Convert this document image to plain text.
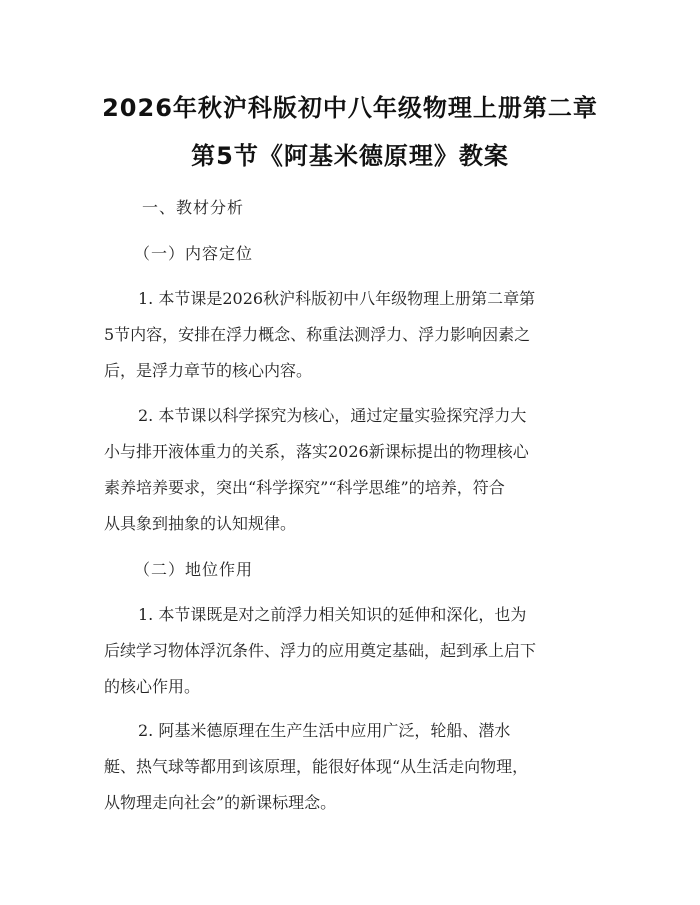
2026年秋沪科版初中八年级物理上册第二章
第5节《阿基米德原理》教案
一、教材分析
（一）内容定位
1. 本节课是2026秋沪科版初中八年级物理上册第二章第
5节内容，安排在浮力概念、称重法测浮力、浮力影响因素之
后，是浮力章节的核心内容。
2. 本节课以科学探究为核心，通过定量实验探究浮力大
小与排开液体重力的关系，落实2026新课标提出的物理核心
素养培养要求，突出“科学探究”“科学思维”的培养，符合
从具象到抽象的认知规律。
（二）地位作用
1. 本节课既是对之前浮力相关知识的延伸和深化，也为
后续学习物体浮沉条件、浮力的应用奠定基础，起到承上启下
的核心作用。
2. 阿基米德原理在生产生活中应用广泛，轮船、潜水
艇、热气球等都用到该原理，能很好体现“从生活走向物理，
从物理走向社会”的新课标理念。
